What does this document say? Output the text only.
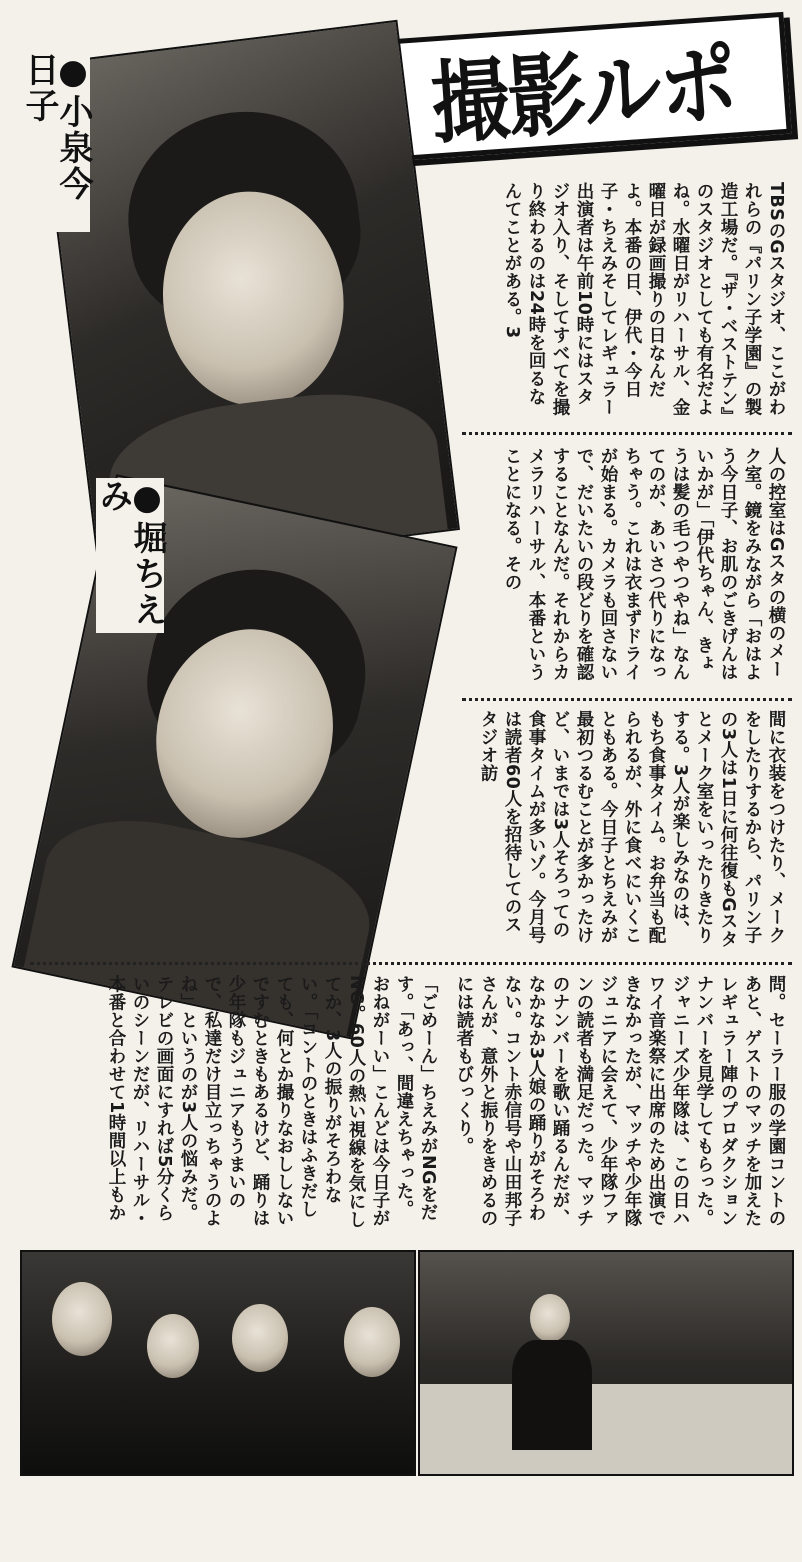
撮影ルポ
●小泉今日子
●堀ちえみ

TBSのGスタジオ、ここがわれらの『パリン子学園』の製造工場だ。『ザ・ベストテン』のスタジオとしても有名だよね。水曜日がリハーサル、金曜日が録画撮りの日なんだよ。本番の日、伊代・今日子・ちえみそしてレギュラー出演者は午前10時にはスタジオ入り、そしてすべてを撮り終わるのは24時を回るなんてことがある。3

人の控室はGスタの横のメーク室。鏡をみながら「おはよう今日子、お肌のごきげんはいかが」「伊代ちゃん、きょうは髪の毛つやつやね」なんてのが、あいさつ代りになっちゃう。これは衣まずドライが始まる。カメラも回さないで、だいたいの段どりを確認することなんだ。それからカメラリハーサル、本番ということになる。その

間に衣装をつけたり、メークをしたりするから、パリン子の3人は1日に何往復もGスタとメーク室をいったりきたりする。3人が楽しみなのは、もち食事タイム。お弁当も配られるが、外に食べにいくこともある。今日子とちえみが最初つるむことが多かったけど、いまでは3人そろっての食事タイムが多いゾ。今月号は読者60人を招待してのスタジオ訪

問。セーラー服の学園コントのあと、ゲストのマッチを加えたレギュラー陣のプロダクションナンバーを見学してもらった。ジャニーズ少年隊は、この日ハワイ音楽祭に出席のため出演できなかったが、マッチや少年隊ジュニアに会えて、少年隊ファンの読者も満足だった。マッチのナンバーを歌い踊るんだが、なかなか3人娘の踊りがそろわない。コント赤信号や山田邦子さんが、意外と振りをきめるのには読者もびっくり。

「ごめーん」ちえみがNGをだす。「あっ、間違えちゃった。おねがーい」こんどは今日子がNG。60人の熱い視線を気にしてか、3人の振りがそろわない。「コントのときはふきだしても、何とか撮りなおししないですむときもあるけど、踊りは少年隊もジュニアもうまいので、私達だけ目立っちゃうのよね」というのが3人の悩みだ。テレビの画面にすれば5分くらいのシーンだが、リハーサル・本番と合わせて1時間以上もか
